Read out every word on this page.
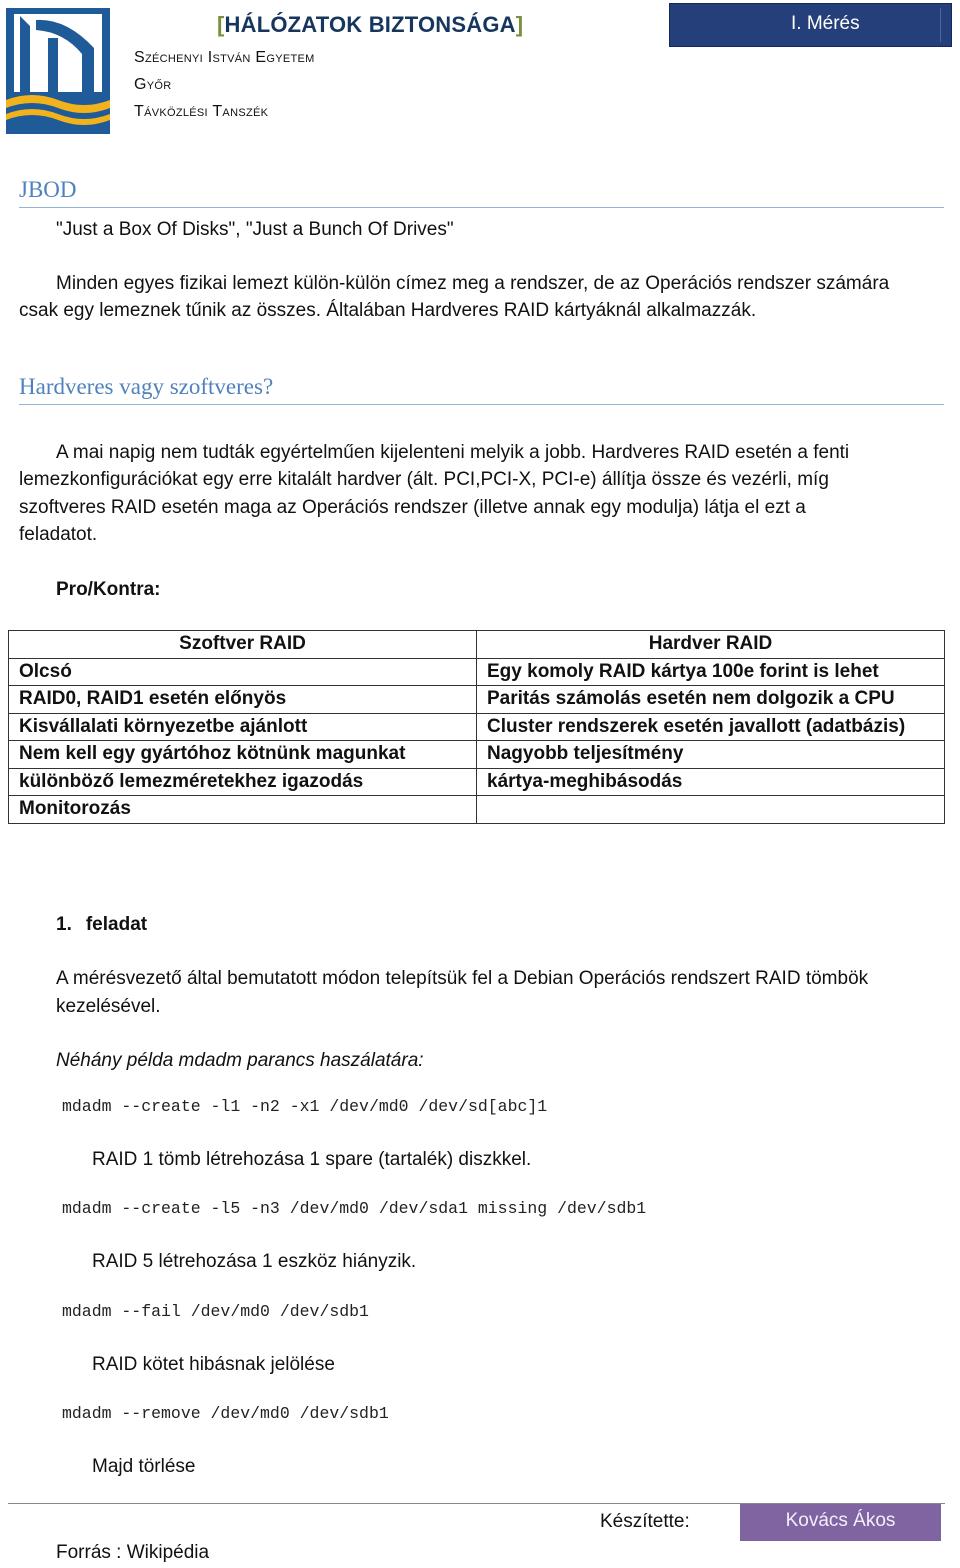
[HÁLÓZATOK BIZTONSÁGA]
Széchenyi István Egyetem
Győr
Távközlési Tanszék
I. Mérés
JBOD
"Just a Box Of Disks", "Just a Bunch Of Drives"
Minden egyes fizikai lemezt külön-külön címez meg a rendszer, de az Operációs rendszer számára
csak egy lemeznek tűnik az összes. Általában Hardveres RAID kártyáknál alkalmazzák.
Hardveres vagy szoftveres?
A mai napig nem tudták egyértelműen kijelenteni melyik a jobb. Hardveres RAID esetén a fenti
lemezkonfigurációkat egy erre kitalált hardver (ált. PCI,PCI-X, PCI-e) állítja össze és vezérli, míg
szoftveres RAID esetén maga az Operációs rendszer (illetve annak egy modulja) látja el ezt a
feladatot.
Pro/Kontra:
Szoftver RAID	Hardver RAID
Olcsó	Egy komoly RAID kártya 100e forint is lehet
RAID0, RAID1 esetén előnyös	Paritás számolás esetén nem dolgozik a CPU
Kisvállalati környezetbe ajánlott	Cluster rendszerek esetén javallott (adatbázis)
Nem kell egy gyártóhoz kötnünk magunkat	Nagyobb teljesítmény
különböző lemezméretekhez igazodás	kártya-meghibásodás
Monitorozás	
1. feladat
A mérésvezető által bemutatott módon telepítsük fel a Debian Operációs rendszert RAID tömbök
kezelésével.
Néhány példa mdadm parancs haszálatára:
mdadm --create -l1 -n2 -x1 /dev/md0 /dev/sd[abc]1
RAID 1 tömb létrehozása 1 spare (tartalék) diszkkel.
mdadm --create -l5 -n3 /dev/md0 /dev/sda1 missing /dev/sdb1
RAID 5 létrehozása 1 eszköz hiányzik.
mdadm --fail /dev/md0 /dev/sdb1
RAID kötet hibásnak jelölése
mdadm --remove /dev/md0 /dev/sdb1
Majd törlése
Készítette:	Kovács Ákos
Forrás : Wikipédia
